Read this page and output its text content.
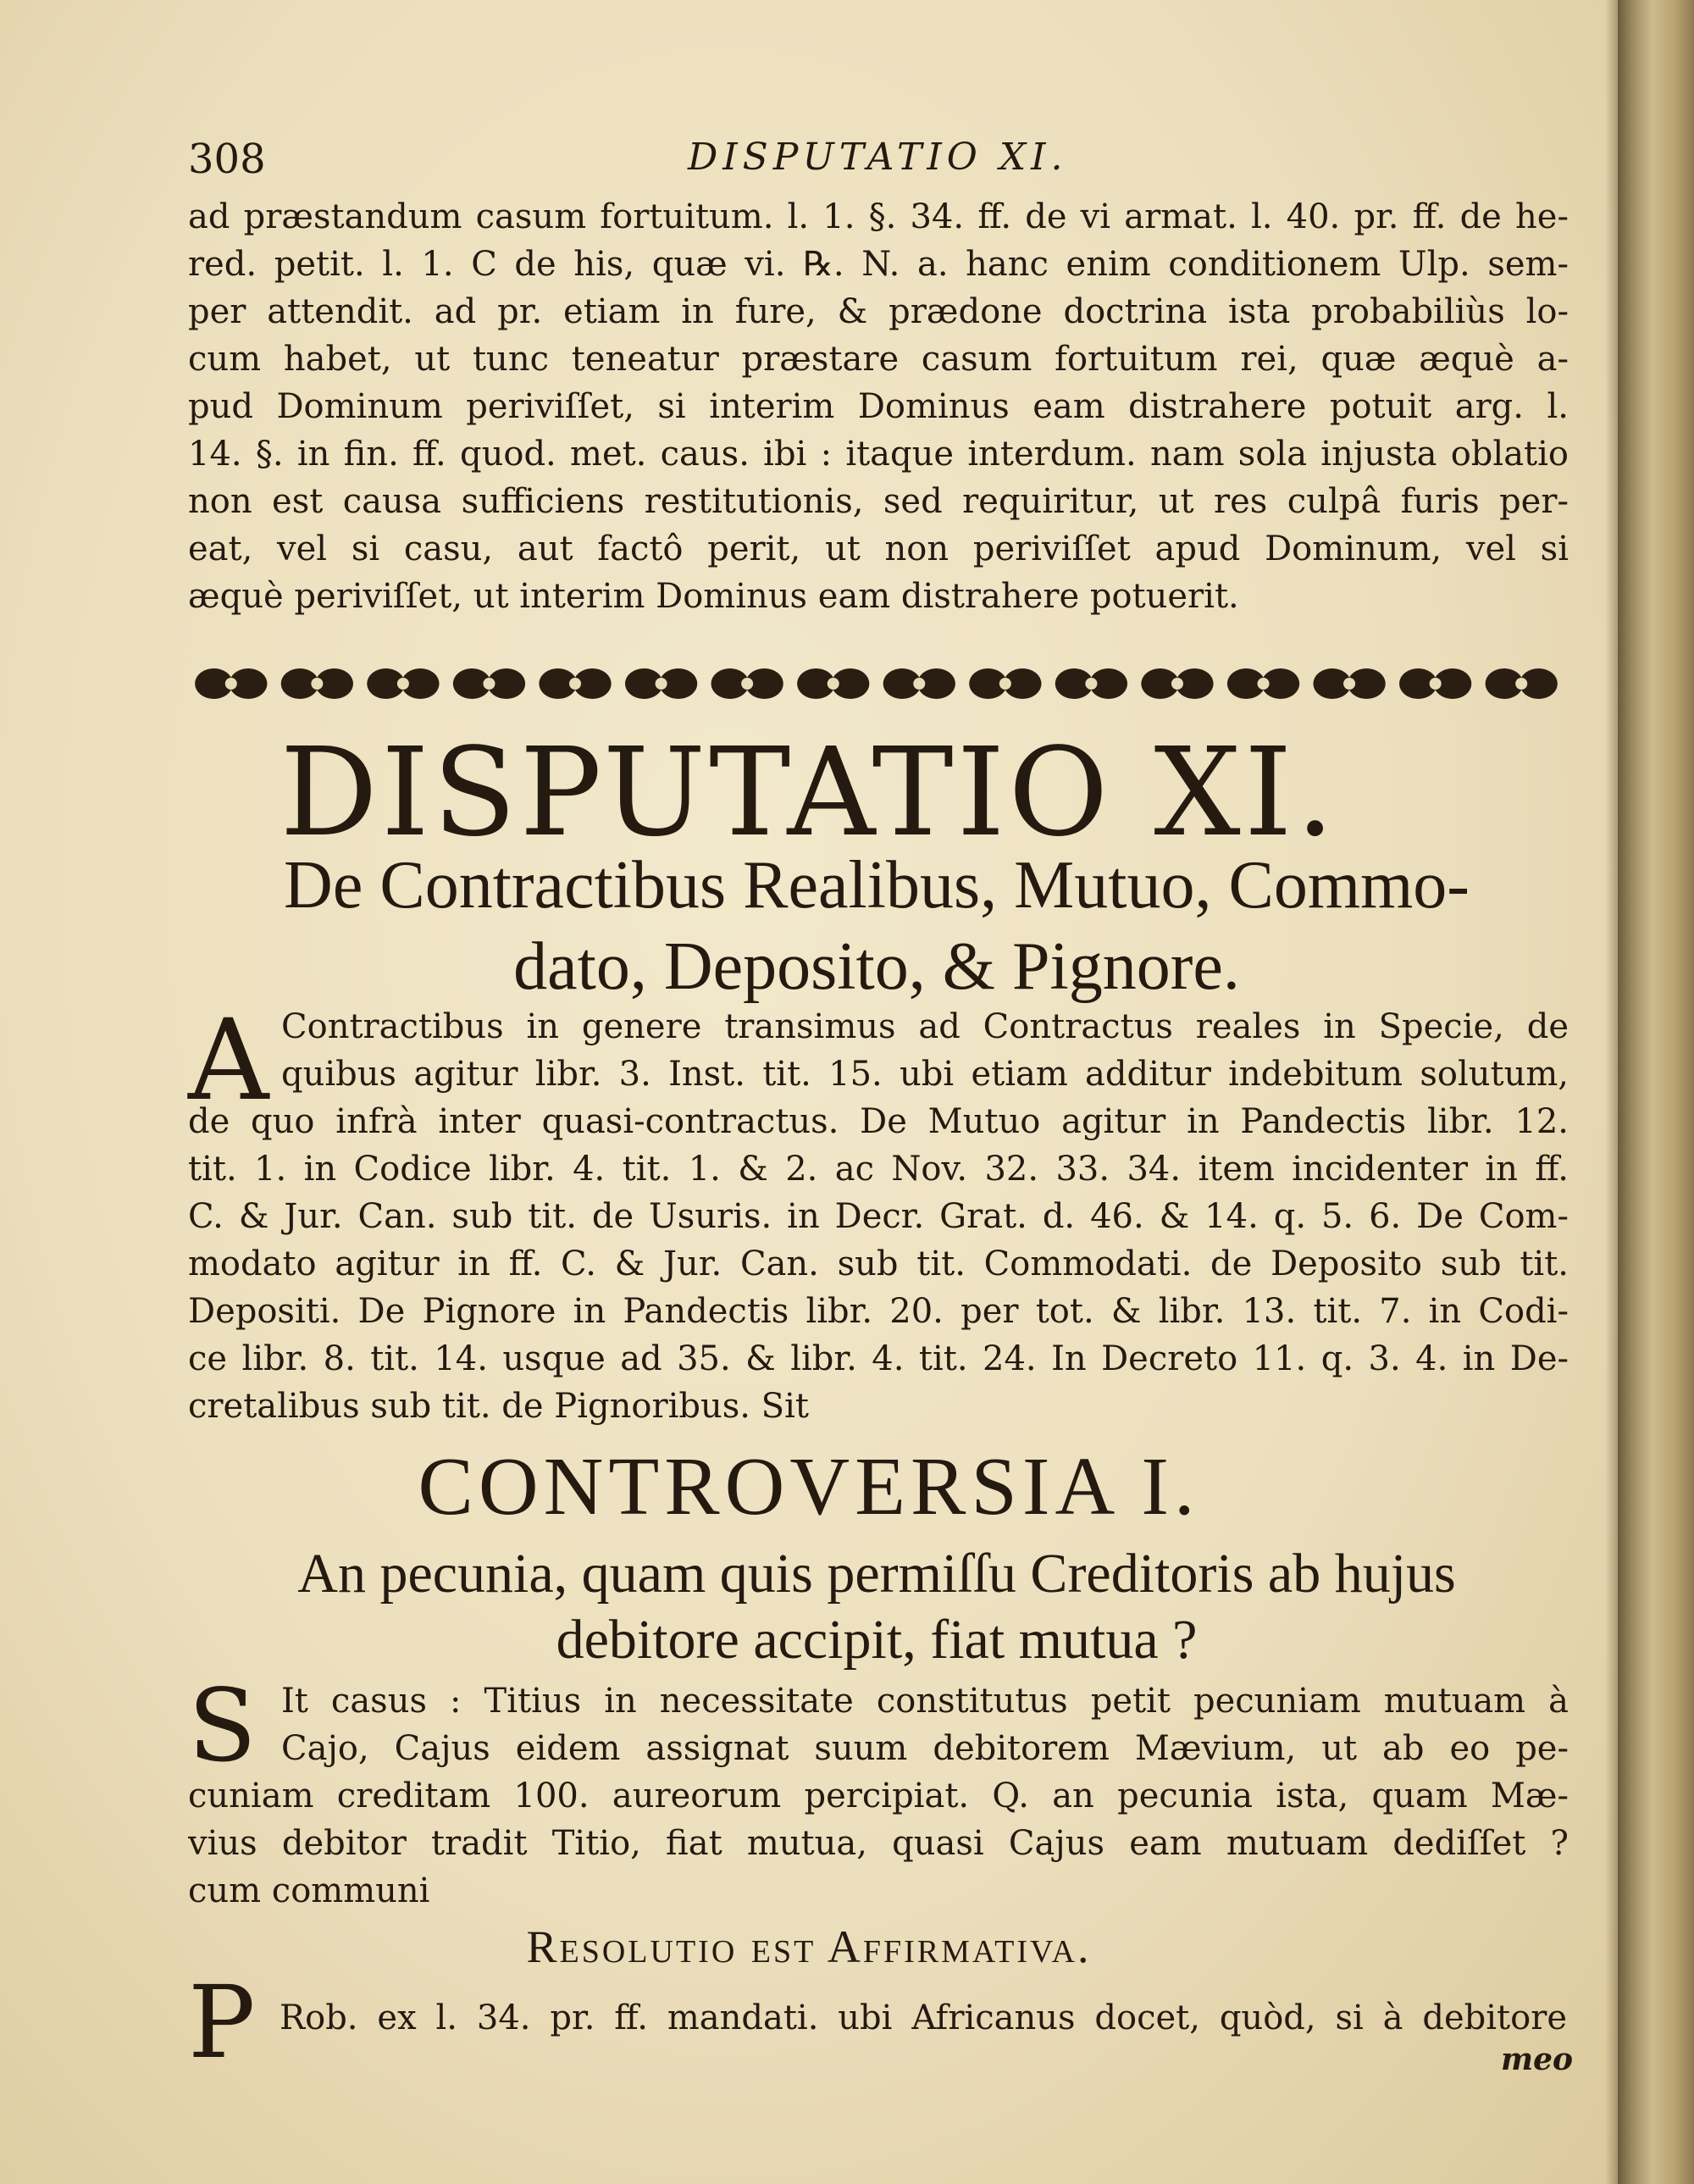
308	DISPUTATIO XI.
ad præstandum casum fortuitum. l. 1. §. 34. ff. de vi armat. l. 40. pr. ff. de he-
red. petit. l. 1. C de his, quæ vi. ℞. N. a. hanc enim conditionem Ulp. sem-
per attendit. ad pr. etiam in fure, & prædone doctrina ista probabiliùs lo-
cum habet, ut tunc teneatur præstare casum fortuitum rei, quæ æquè a-
pud Dominum periviſſet, si interim Dominus eam distrahere potuit arg. l.
14. §. in fin. ff. quod. met. caus. ibi : itaque interdum. nam sola injusta oblatio
non est causa sufficiens restitutionis, sed requiritur, ut res culpâ furis per-
eat, vel si casu, aut factô perit, ut non periviſſet apud Dominum, vel si
æquè periviſſet, ut interim Dominus eam distrahere potuerit.
DISPUTATIO XI.
De Contractibus Realibus, Mutuo, Commo-
dato, Deposito, & Pignore.
A Contractibus in genere transimus ad Contractus reales in Specie, de
quibus agitur libr. 3. Inst. tit. 15. ubi etiam additur indebitum solutum,
de quo infrà inter quasi-contractus. De Mutuo agitur in Pandectis libr. 12.
tit. 1. in Codice libr. 4. tit. 1. & 2. ac Nov. 32. 33. 34. item incidenter in ff.
C. & Jur. Can. sub tit. de Usuris. in Decr. Grat. d. 46. & 14. q. 5. 6. De Com-
modato agitur in ff. C. & Jur. Can. sub tit. Commodati. de Deposito sub tit.
Depositi. De Pignore in Pandectis libr. 20. per tot. & libr. 13. tit. 7. in Codi-
ce libr. 8. tit. 14. usque ad 35. & libr. 4. tit. 24. In Decreto 11. q. 3. 4. in De-
cretalibus sub tit. de Pignoribus. Sit
CONTROVERSIA I.
An pecunia, quam quis permiſſu Creditoris ab hujus
debitore accipit, fiat mutua ?
S It casus : Titius in necessitate constitutus petit pecuniam mutuam à
Cajo, Cajus eidem assignat suum debitorem Mævium, ut ab eo pe-
cuniam creditam 100. aureorum percipiat. Q. an pecunia ista, quam Mæ-
vius debitor tradit Titio, fiat mutua, quasi Cajus eam mutuam dediſſet ?
cum communi
Resolutio est Affirmativa.
P Rob. ex l. 34. pr. ff. mandati. ubi Africanus docet, quòd, si à debitore
meo
